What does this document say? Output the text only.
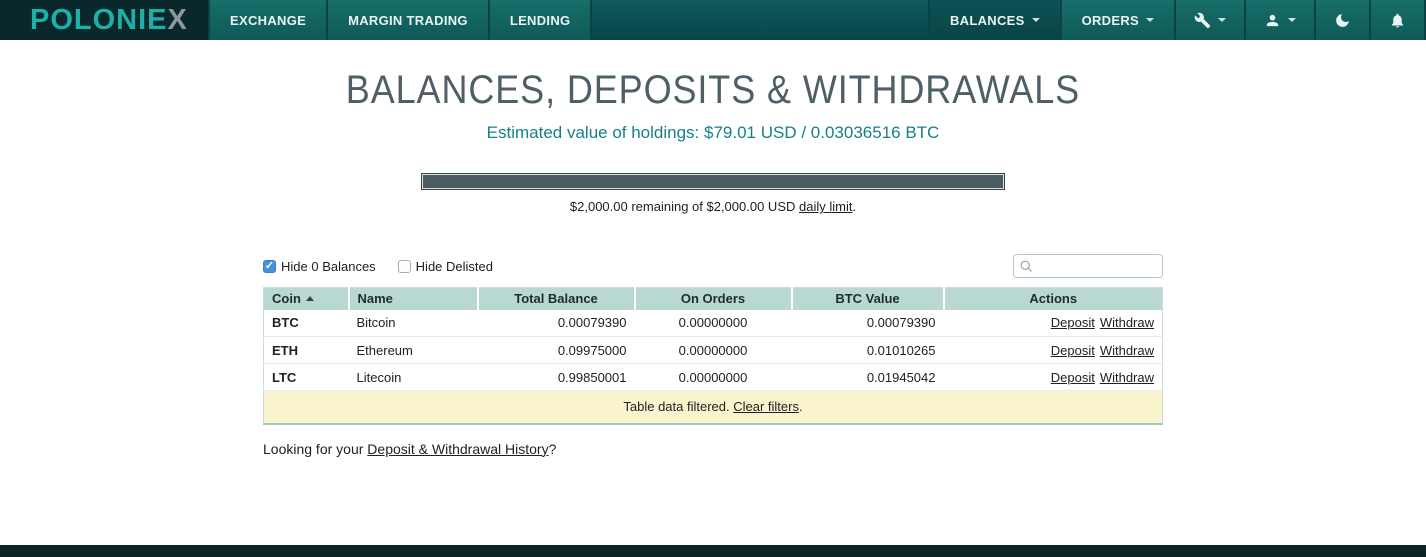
POLONIE X	EXCHANGE	MARGIN TRADING	LENDING	BALANCES	ORDERS
BALANCES, DEPOSITS & WITHDRAWALS
Estimated value of holdings: $79.01 USD / 0.03036516 BTC

$2,000.00 remaining of $2,000.00 USD daily limit.

✓ Hide 0 Balances	Hide Delisted
Coin	Name	Total Balance	On Orders	BTC Value	Actions
BTC	Bitcoin	0.00079390	0.00000000	0.00079390	Deposit Withdraw
ETH	Ethereum	0.09975000	0.00000000	0.01010265	Deposit Withdraw
LTC	Litecoin	0.99850001	0.00000000	0.01945042	Deposit Withdraw
Table data filtered. Clear filters.					

Looking for your Deposit & Withdrawal History?
